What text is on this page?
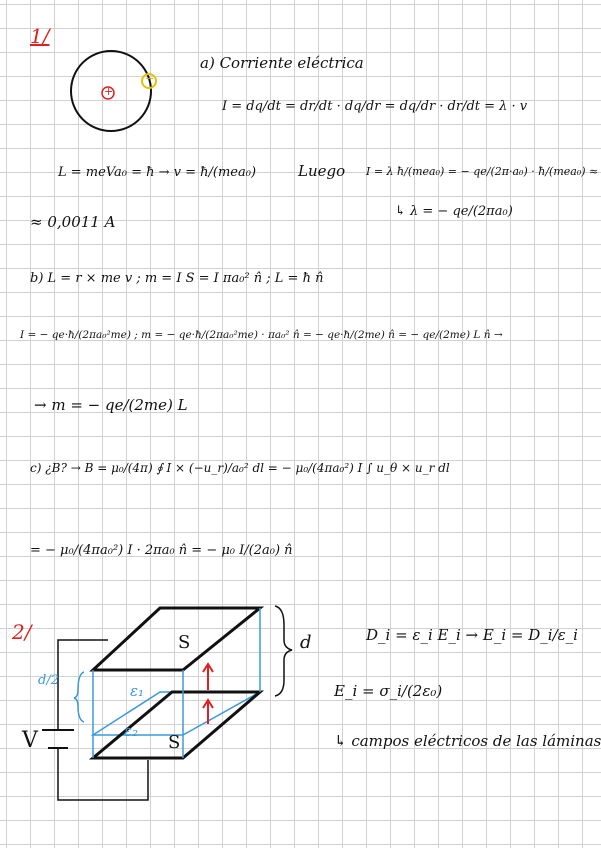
1/
+
−
a) Corriente eléctrica
I = dq/dt = dr/dt · dq/dr = dq/dr · dr/dt = λ · v
L = meVa₀ = ħ → v = ħ/(mea₀)	Luego I = λ ħ/(mea₀) = − qe/(2π·a₀) · ħ/(mea₀) ≈
↳ λ = − qe/(2πa₀)
≈ 0,0011 A
b) L = r × me v ; m = I S = I πa₀² n̂ ; L = ħ n̂
I = − qe·ħ/(2πa₀²me) ; m = − qe·ħ/(2πa₀²me) · πa₀² n̂ = − qe·ħ/(2me) n̂ = − qe/(2me) L n̂ →
→ m = − qe/(2me) L
c) ¿B? → B = μ₀/(4π) ∮ I × (−u_r)/a₀² dl = − μ₀/(4πa₀²) I ∫ u_θ × u_r dl
= − μ₀/(4πa₀²) I · 2πa₀ n̂ = − μ₀ I/(2a₀) n̂
2/	S
S
d
d/2
V
ε₁
ε₂
D_i = ε_i E_i → E_i = D_i/ε_i
E_i = σ_i/(2ε₀)
↳ campos eléctricos de las láminas
